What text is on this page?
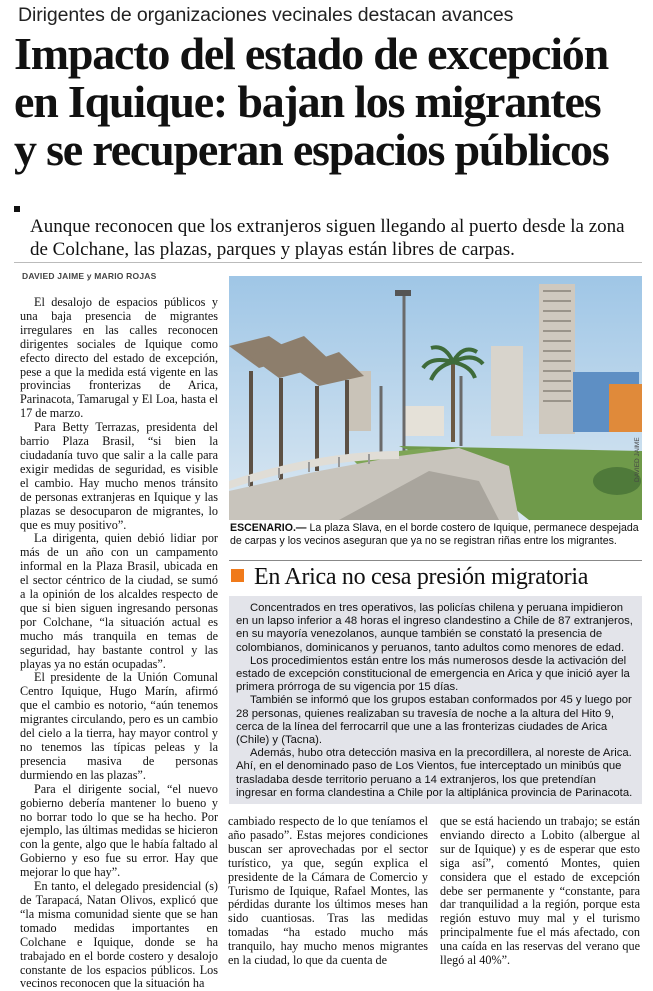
Dirigentes de organizaciones vecinales destacan avances
Impacto del estado de excepción
en Iquique: bajan los migrantes
y se recuperan espacios públicos
Aunque reconocen que los extranjeros siguen llegando al puerto desde la zona de Colchane, las plazas, parques y playas están libres de carpas.
DAVIED JAIME y MARIO ROJAS

El desalojo de espacios públicos y una baja presencia de migrantes irregulares en las calles reconocen dirigentes sociales de Iquique como efecto directo del estado de excepción, pese a que la medida está vigente en las provincias fronterizas de Arica, Parinacota, Tamarugal y El Loa, hasta el 17 de marzo.

Para Betty Terrazas, presidenta del barrio Plaza Brasil, “si bien la ciudadanía tuvo que salir a la calle para exigir medidas de seguridad, es visible el cambio. Hay mucho menos tránsito de personas extranjeras en Iquique y las plazas se desocuparon de migrantes, lo que es muy positivo”.

La dirigenta, quien debió lidiar por más de un año con un campamento informal en la Plaza Brasil, ubicada en el sector céntrico de la ciudad, se sumó a la opinión de los alcaldes respecto de que si bien siguen ingresando personas por Colchane, “la situación actual es mucho más tranquila en temas de seguridad, hay bastante control y las playas ya no están ocupadas”.

El presidente de la Unión Comunal Centro Iquique, Hugo Marín, afirmó que el cambio es notorio, “aún tenemos migrantes circulando, pero es un cambio del cielo a la tierra, hay mayor control y no tenemos las típicas peleas y la presencia masiva de personas durmiendo en las plazas”.

Para el dirigente social, “el nuevo gobierno debería mantener lo bueno y no borrar todo lo que se ha hecho. Por ejemplo, las últimas medidas se hicieron con la gente, algo que le había faltado al Gobierno y eso fue su error. Hay que mejorar lo que hay”.

En tanto, el delegado presidencial (s) de Tarapacá, Natan Olivos, explicó que “la misma comunidad siente que se han tomado medidas importantes en Colchane e Iquique, donde se ha trabajado en el borde costero y desalojo constante de los espacios públicos. Los vecinos reconocen que la situación ha

DAVIED JAIME
ESCENARIO.— La plaza Slava, en el borde costero de Iquique, permanece despejada de carpas y los vecinos aseguran que ya no se registran riñas entre los migrantes.
En Arica no cesa presión migratoria

Concentrados en tres operativos, las policías chilena y peruana impidieron en un lapso inferior a 48 horas el ingreso clandestino a Chile de 87 extranjeros, en su mayoría venezolanos, aunque también se constató la presencia de colombianos, dominicanos y peruanos, tanto adultos como menores de edad.

Los procedimientos están entre los más numerosos desde la activación del estado de excepción constitucional de emergencia en Arica y que inició ayer la primera prórroga de su vigencia por 15 días.

También se informó que los grupos estaban conformados por 45 y luego por 28 personas, quienes realizaban su travesía de noche a la altura del Hito 9, cerca de la línea del ferrocarril que une a las fronterizas ciudades de Arica (Chile) y (Tacna).

Además, hubo otra detección masiva en la precordillera, al noreste de Arica. Ahí, en el denominado paso de Los Vientos, fue interceptado un minibús que trasladaba desde territorio peruano a 14 extranjeros, los que pretendían ingresar en forma clandestina a Chile por la altiplánica provincia de Parinacota.

cambiado respecto de lo que teníamos el año pasado”. Estas mejores condiciones buscan ser aprovechadas por el sector turístico, ya que, según explica el presidente de la Cámara de Comercio y Turismo de Iquique, Rafael Montes, las pérdidas durante los últimos meses han sido cuantiosas. Tras las medidas tomadas “ha estado mucho más tranquilo, hay mucho menos migrantes en la ciudad, lo que da cuenta de

que se está haciendo un trabajo; se están enviando directo a Lobito (albergue al sur de Iquique) y es de esperar que esto siga así”, comentó Montes, quien considera que el estado de excepción debe ser permanente y “constante, para dar tranquilidad a la región, porque esta región estuvo muy mal y el turismo principalmente fue el más afectado, con una caída en las reservas del verano que llegó al 40%”.
